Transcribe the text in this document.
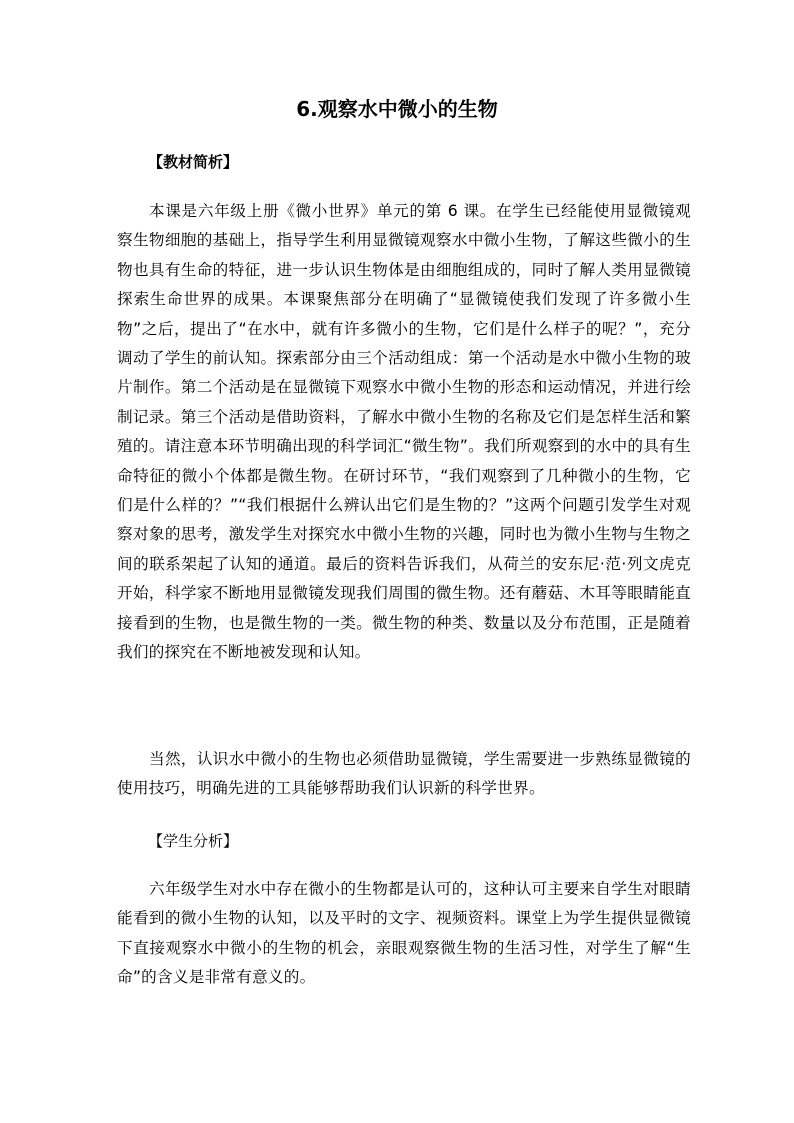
6.观察水中微小的生物
【教材简析】
本课是六年级上册《微小世界》单元的第 6 课。在学生已经能使用显微镜观察生物细胞的基础上，指导学生利用显微镜观察水中微小生物，了解这些微小的生物也具有生命的特征，进一步认识生物体是由细胞组成的，同时了解人类用显微镜探索生命世界的成果。本课聚焦部分在明确了“显微镜使我们发现了许多微小生物”之后，提出了“在水中，就有许多微小的生物，它们是什么样子的呢？”，充分调动了学生的前认知。探索部分由三个活动组成：第一个活动是水中微小生物的玻片制作。第二个活动是在显微镜下观察水中微小生物的形态和运动情况，并进行绘制记录。第三个活动是借助资料，了解水中微小生物的名称及它们是怎样生活和繁殖的。请注意本环节明确出现的科学词汇“微生物”。我们所观察到的水中的具有生命特征的微小个体都是微生物。在研讨环节，“我们观察到了几种微小的生物，它们是什么样的？”“我们根据什么辨认出它们是生物的？”这两个问题引发学生对观察对象的思考，激发学生对探究水中微小生物的兴趣，同时也为微小生物与生物之间的联系架起了认知的通道。最后的资料告诉我们，从荷兰的安东尼·范·列文虎克开始，科学家不断地用显微镜发现我们周围的微生物。还有蘑菇、木耳等眼睛能直接看到的生物，也是微生物的一类。微生物的种类、数量以及分布范围，正是随着我们的探究在不断地被发现和认知。
当然，认识水中微小的生物也必须借助显微镜，学生需要进一步熟练显微镜的使用技巧，明确先进的工具能够帮助我们认识新的科学世界。
【学生分析】
六年级学生对水中存在微小的生物都是认可的，这种认可主要来自学生对眼睛能看到的微小生物的认知，以及平时的文字、视频资料。课堂上为学生提供显微镜下直接观察水中微小的生物的机会，亲眼观察微生物的生活习性，对学生了解“生命”的含义是非常有意义的。
